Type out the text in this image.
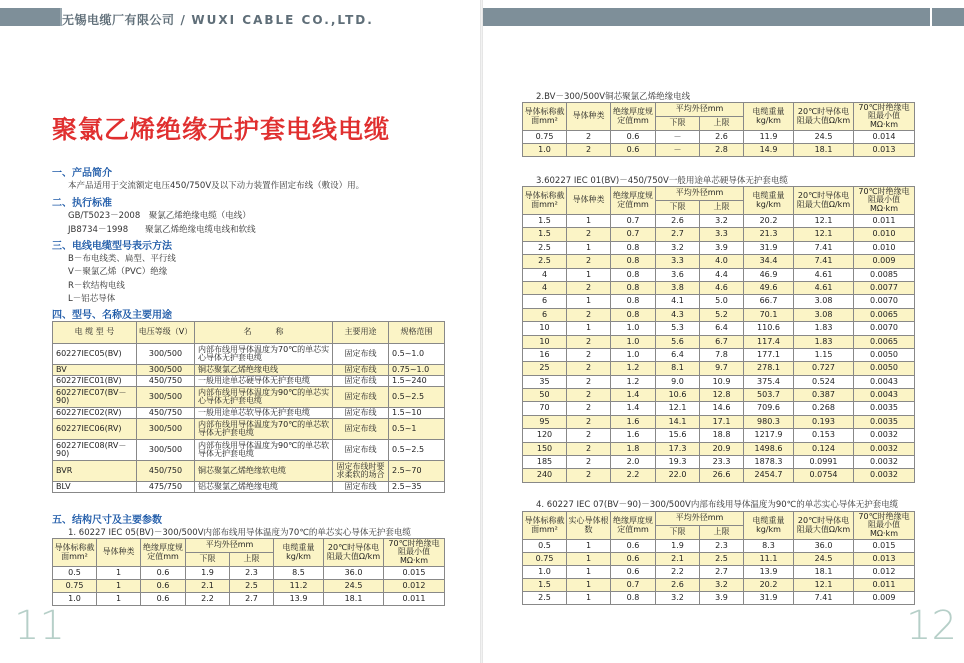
无锡电缆厂有限公司 / WUXI CABLE CO.,LTD.
聚氯乙烯绝缘无护套电线电缆
一、产品简介
本产品适用于交流额定电压450/750V及以下动力装置作固定布线（敷设）用。
二、执行标准
GB/T5023－2008　聚氯乙烯绝缘电缆（电线）
JB8734－1998　　聚氯乙烯绝缘电缆电线和软线
三、电线电缆型号表示方法
B－布电线类、扁型、平行线
V－聚氯乙烯（PVC）绝缘
R－软结构电线
L－铝芯导体
四、型号、名称及主要用途
电 缆 型 号	电压等级（V）	名　　　称	主要用途	规格范围
60227IEC05(BV)	300/500	内部布线用导体温度为70℃的单芯实心导体无护套电缆	固定布线	0.5~1.0
BV	300/500	铜芯聚氯乙烯绝缘电线	固定布线	0.75~1.0
60227IEC01(BV)	450/750	一般用途单芯硬导体无护套电缆	固定布线	1.5~240
60227IEC07(BV－90)	300/500	内部布线用导体温度为90℃的单芯实心导体无护套电缆	固定布线	0.5~2.5
60227IEC02(RV)	450/750	一般用途单芯软导体无护套电缆	固定布线	1.5~10
60227IEC06(RV)	300/500	内部布线用导体温度为70℃的单芯软导体无护套电缆	固定布线	0.5~1
60227IEC08(RV－90)	300/500	内部布线用导体温度为90℃的单芯软导体无护套电缆	固定布线	0.5~2.5
BVR	450/750	铜芯聚氯乙烯绝缘软电缆	固定布线时要求柔软的场合	2.5~70
BLV	475/750	铝芯聚氯乙烯绝缘电缆	固定布线	2.5~35
五、结构尺寸及主要参数
1. 60227 IEC 05(BV)－300/500V内部布线用导体温度为70℃的单芯实心导体无护套电缆
导体标称截面mm²	导体种类	绝缘厚度规定值mm	平均外径mm		电缆重量kg/km	20℃时导体电阻最大值Ω/km	70℃时绝缘电阻最小值MΩ·km
			下限	上限			
0.5	1	0.6	1.9	2.3	8.5	36.0	0.015
0.75	1	0.6	2.1	2.5	11.2	24.5	0.012
1.0	1	0.6	2.2	2.7	13.9	18.1	0.011
2.BV－300/500V铜芯聚氯乙烯绝缘电线
导体标称截面mm²	导体种类	绝缘厚度规定值mm	平均外径mm		电缆重量kg/km	20℃时导体电阻最大值Ω/km	70℃时绝缘电阻最小值MΩ·km
			下限	上限			
0.75	2	0.6	－	2.6	11.9	24.5	0.014
1.0	2	0.6	－	2.8	14.9	18.1	0.013
3.60227 IEC 01(BV)－450/750V一般用途单芯硬导体无护套电缆
导体标称截面mm²	导体种类	绝缘厚度规定值mm	平均外径mm		电缆重量kg/km	20℃时导体电阻最大值Ω/km	70℃时绝缘电阻最小值MΩ·km
			下限	上限			
1.5	1	0.7	2.6	3.2	20.2	12.1	0.011
1.5	2	0.7	2.7	3.3	21.3	12.1	0.010
2.5	1	0.8	3.2	3.9	31.9	7.41	0.010
2.5	2	0.8	3.3	4.0	34.4	7.41	0.009
4	1	0.8	3.6	4.4	46.9	4.61	0.0085
4	2	0.8	3.8	4.6	49.6	4.61	0.0077
6	1	0.8	4.1	5.0	66.7	3.08	0.0070
6	2	0.8	4.3	5.2	70.1	3.08	0.0065
10	1	1.0	5.3	6.4	110.6	1.83	0.0070
10	2	1.0	5.6	6.7	117.4	1.83	0.0065
16	2	1.0	6.4	7.8	177.1	1.15	0.0050
25	2	1.2	8.1	9.7	278.1	0.727	0.0050
35	2	1.2	9.0	10.9	375.4	0.524	0.0043
50	2	1.4	10.6	12.8	503.7	0.387	0.0043
70	2	1.4	12.1	14.6	709.6	0.268	0.0035
95	2	1.6	14.1	17.1	980.3	0.193	0.0035
120	2	1.6	15.6	18.8	1217.9	0.153	0.0032
150	2	1.8	17.3	20.9	1498.6	0.124	0.0032
185	2	2.0	19.3	23.3	1878.3	0.0991	0.0032
240	2	2.2	22.0	26.6	2454.7	0.0754	0.0032
4. 60227 IEC 07(BV－90)－300/500V内部布线用导体温度为90℃的单芯实心导体无护套电缆
导体标称截面mm²	实心导体根数	绝缘厚度规定值mm	平均外径mm		电缆重量kg/km	20℃时导体电阻最大值Ω/km	70℃时绝缘电阻最小值MΩ·km
			下限	上限			
0.5	1	0.6	1.9	2.3	8.3	36.0	0.015
0.75	1	0.6	2.1	2.5	11.1	24.5	0.013
1.0	1	0.6	2.2	2.7	13.9	18.1	0.012
1.5	1	0.7	2.6	3.2	20.2	12.1	0.011
2.5	1	0.8	3.2	3.9	31.9	7.41	0.009
11	12
